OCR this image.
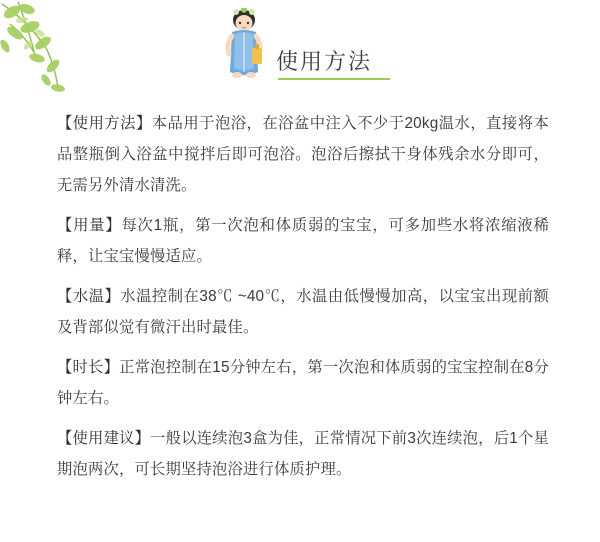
使用方法

【使用方法】本品用于泡浴，在浴盆中注入不少于20kg温水，直接将本品整瓶倒入浴盆中搅拌后即可泡浴。泡浴后擦拭干身体残余水分即可，无需另外清水清洗。

【用量】每次1瓶，第一次泡和体质弱的宝宝，可多加些水将浓缩液稀释，让宝宝慢慢适应。

【水温】水温控制在38℃ ~40℃，水温由低慢慢加高，以宝宝出现前额及背部似觉有微汗出时最佳。

【时长】正常泡控制在15分钟左右，第一次泡和体质弱的宝宝控制在8分钟左右。

【使用建议】一般以连续泡3盒为佳，正常情况下前3次连续泡，后1个星期泡两次，可长期坚持泡浴进行体质护理。
